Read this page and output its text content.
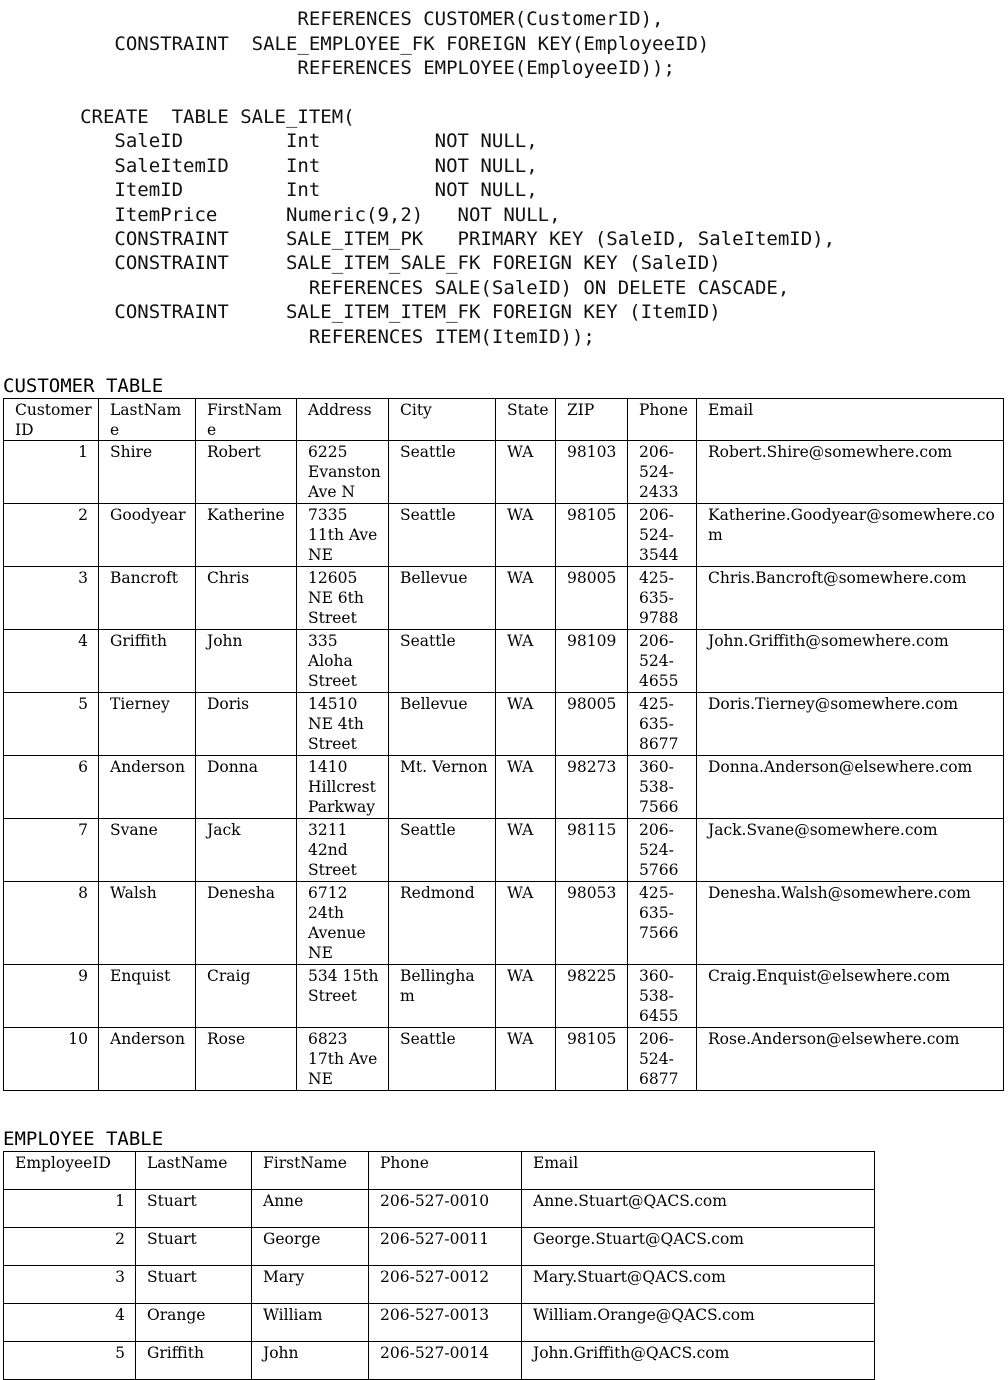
REFERENCES CUSTOMER(CustomerID),
CONSTRAINT  SALE_EMPLOYEE_FK FOREIGN KEY(EmployeeID)
REFERENCES EMPLOYEE(EmployeeID));
CREATE  TABLE SALE_ITEM(
SaleID         Int          NOT NULL,
SaleItemID     Int          NOT NULL,
ItemID         Int          NOT NULL,
ItemPrice      Numeric(9,2)   NOT NULL,
CONSTRAINT     SALE_ITEM_PK   PRIMARY KEY (SaleID, SaleItemID),
CONSTRAINT     SALE_ITEM_SALE_FK FOREIGN KEY (SaleID)
REFERENCES SALE(SaleID) ON DELETE CASCADE,
CONSTRAINT     SALE_ITEM_ITEM_FK FOREIGN KEY (ItemID)
REFERENCES ITEM(ItemID));
CUSTOMER TABLE
Customer ID	LastName	FirstName	Address	City	State	ZIP	Phone	Email
1	Shire	Robert	6225 Evanston Ave N	Seattle	WA	98103	206-524-2433	Robert.Shire@somewhere.com
2	Goodyear	Katherine	7335 11th Ave NE	Seattle	WA	98105	206-524-3544	Katherine.Goodyear@somewhere.com
3	Bancroft	Chris	12605 NE 6th Street	Bellevue	WA	98005	425-635-9788	Chris.Bancroft@somewhere.com
4	Griffith	John	335 Aloha Street	Seattle	WA	98109	206-524-4655	John.Griffith@somewhere.com
5	Tierney	Doris	14510 NE 4th Street	Bellevue	WA	98005	425-635-8677	Doris.Tierney@somewhere.com
6	Anderson	Donna	1410 Hillcrest Parkway	Mt. Vernon	WA	98273	360-538-7566	Donna.Anderson@elsewhere.com
7	Svane	Jack	3211 42nd Street	Seattle	WA	98115	206-524-5766	Jack.Svane@somewhere.com
8	Walsh	Denesha	6712 24th Avenue NE	Redmond	WA	98053	425-635-7566	Denesha.Walsh@somewhere.com
9	Enquist	Craig	534 15th Street	Bellingham	WA	98225	360-538-6455	Craig.Enquist@elsewhere.com
10	Anderson	Rose	6823 17th Ave NE	Seattle	WA	98105	206-524-6877	Rose.Anderson@elsewhere.com
EMPLOYEE TABLE
EmployeeID	LastName	FirstName	Phone	Email
1	Stuart	Anne	206-527-0010	Anne.Stuart@QACS.com
2	Stuart	George	206-527-0011	George.Stuart@QACS.com
3	Stuart	Mary	206-527-0012	Mary.Stuart@QACS.com
4	Orange	William	206-527-0013	William.Orange@QACS.com
5	Griffith	John	206-527-0014	John.Griffith@QACS.com
